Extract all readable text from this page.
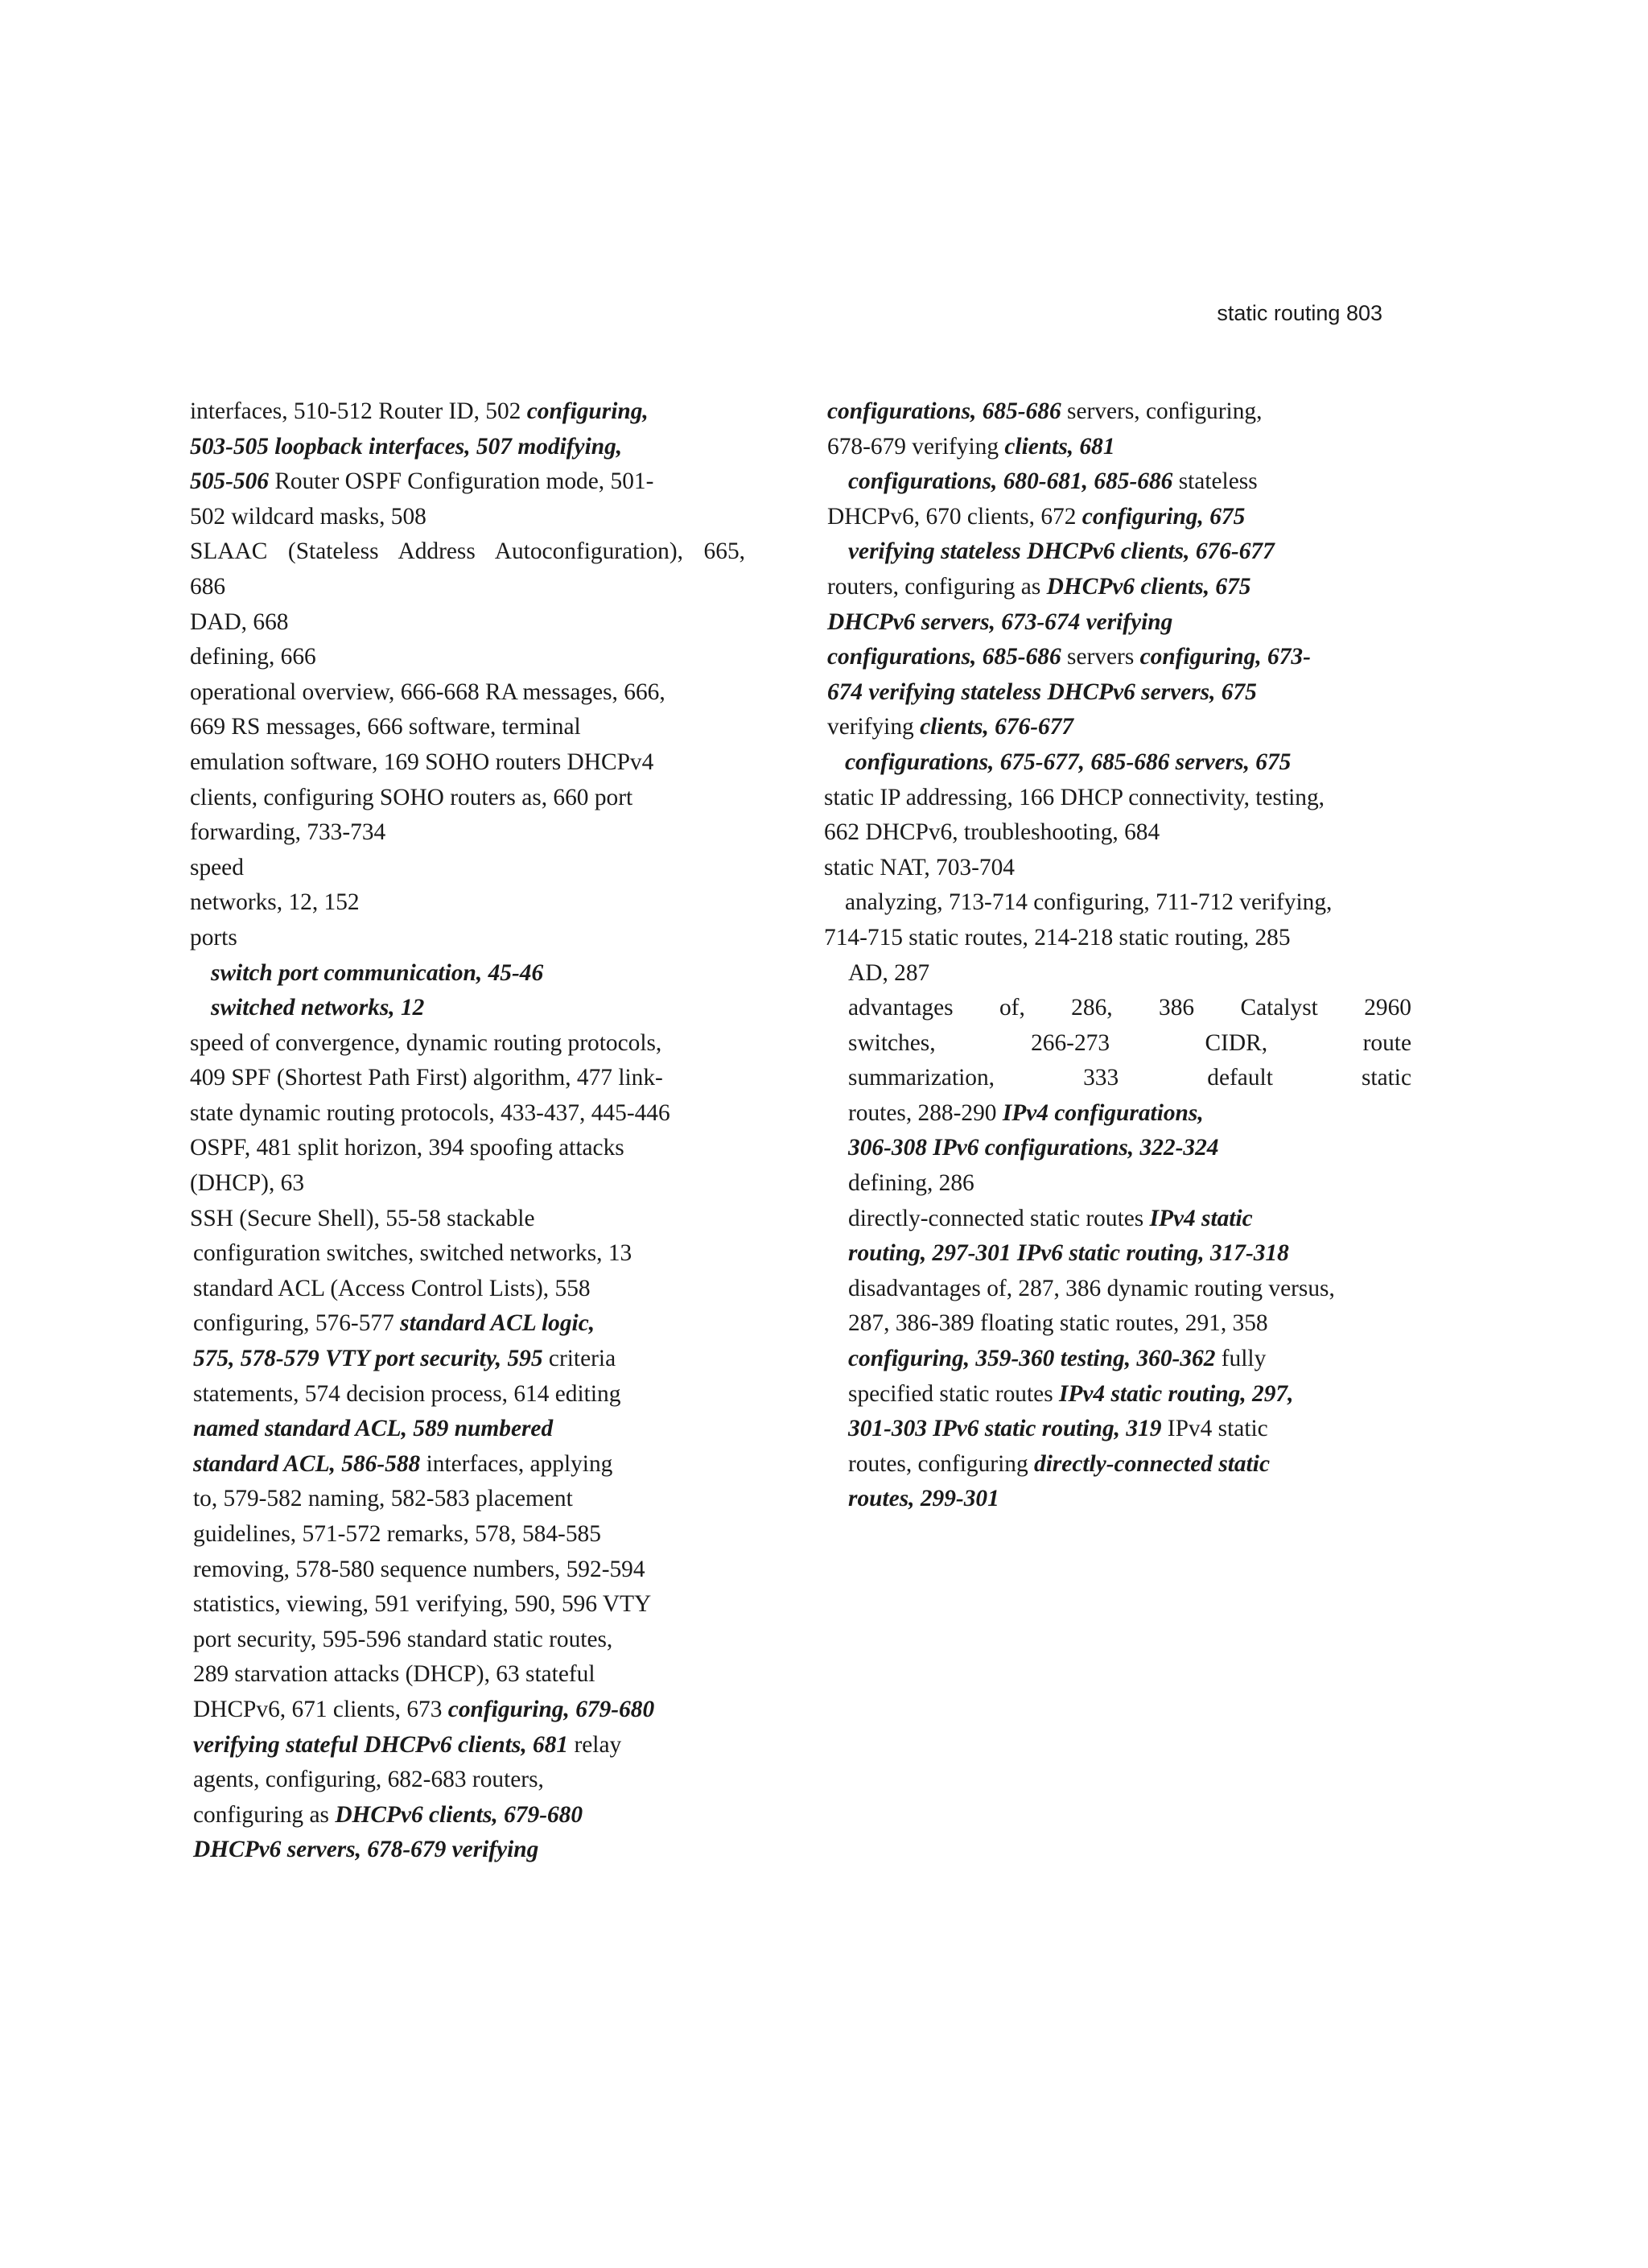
static routing 803
interfaces, 510-512 Router ID, 502 configuring,
503-505 loopback interfaces, 507 modifying,
505-506 Router OSPF Configuration mode, 501-
502 wildcard masks, 508
SLAAC (Stateless Address Autoconfiguration), 665,
686
DAD, 668
defining, 666
operational overview, 666-668 RA messages, 666,
669 RS messages, 666 software, terminal
emulation software, 169 SOHO routers DHCPv4
clients, configuring SOHO routers as, 660 port
forwarding, 733-734
speed
networks, 12, 152
ports
switch port communication, 45-46
switched networks, 12
speed of convergence, dynamic routing protocols,
409 SPF (Shortest Path First) algorithm, 477 link-
state dynamic routing protocols, 433-437, 445-446
OSPF, 481 split horizon, 394 spoofing attacks
(DHCP), 63
SSH (Secure Shell), 55-58 stackable
configuration switches, switched networks, 13
standard ACL (Access Control Lists), 558
configuring, 576-577 standard ACL logic,
575, 578-579 VTY port security, 595 criteria
statements, 574 decision process, 614 editing
named standard ACL, 589 numbered
standard ACL, 586-588 interfaces, applying
to, 579-582 naming, 582-583 placement
guidelines, 571-572 remarks, 578, 584-585
removing, 578-580 sequence numbers, 592-594
statistics, viewing, 591 verifying, 590, 596 VTY
port security, 595-596 standard static routes,
289 starvation attacks (DHCP), 63 stateful
DHCPv6, 671 clients, 673 configuring, 679-680
verifying stateful DHCPv6 clients, 681 relay
agents, configuring, 682-683 routers,
configuring as DHCPv6 clients, 679-680
DHCPv6 servers, 678-679 verifying
configurations, 685-686 servers, configuring,
678-679 verifying clients, 681
configurations, 680-681, 685-686 stateless
DHCPv6, 670 clients, 672 configuring, 675
verifying stateless DHCPv6 clients, 676-677
routers, configuring as DHCPv6 clients, 675
DHCPv6 servers, 673-674 verifying
configurations, 685-686 servers configuring, 673-
674 verifying stateless DHCPv6 servers, 675
verifying clients, 676-677
configurations, 675-677, 685-686 servers, 675
static IP addressing, 166 DHCP connectivity, testing,
662 DHCPv6, troubleshooting, 684
static NAT, 703-704
analyzing, 713-714 configuring, 711-712 verifying,
714-715 static routes, 214-218 static routing, 285
AD, 287
advantages of, 286, 386 Catalyst 2960
switches, 266-273 CIDR, route
summarization, 333 default static
routes, 288-290 IPv4 configurations,
306-308 IPv6 configurations, 322-324
defining, 286
directly-connected static routes IPv4 static
routing, 297-301 IPv6 static routing, 317-318
disadvantages of, 287, 386 dynamic routing versus,
287, 386-389 floating static routes, 291, 358
configuring, 359-360 testing, 360-362 fully
specified static routes IPv4 static routing, 297,
301-303 IPv6 static routing, 319 IPv4 static
routes, configuring directly-connected static
routes, 299-301
